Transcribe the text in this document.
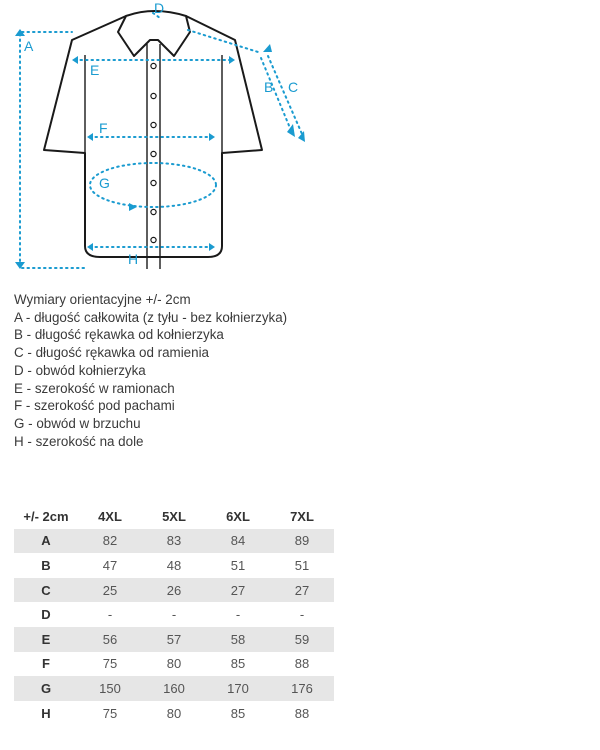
A
B C
D
E
F
G
H
Wymiary orientacyjne +/- 2cm
A - długość całkowita (z tyłu - bez kołnierzyka)
B - długość rękawka od kołnierzyka
C - długość rękawka od ramienia
D - obwód kołnierzyka
E - szerokość w ramionach
F - szerokość pod pachami
G - obwód w brzuchu
H - szerokość na dole
+/- 2cm	4XL	5XL	6XL	7XL
A	82	83	84	89
B	47	48	51	51
C	25	26	27	27
D	-	-	-	-
E	56	57	58	59
F	75	80	85	88
G	150	160	170	176
H	75	80	85	88
